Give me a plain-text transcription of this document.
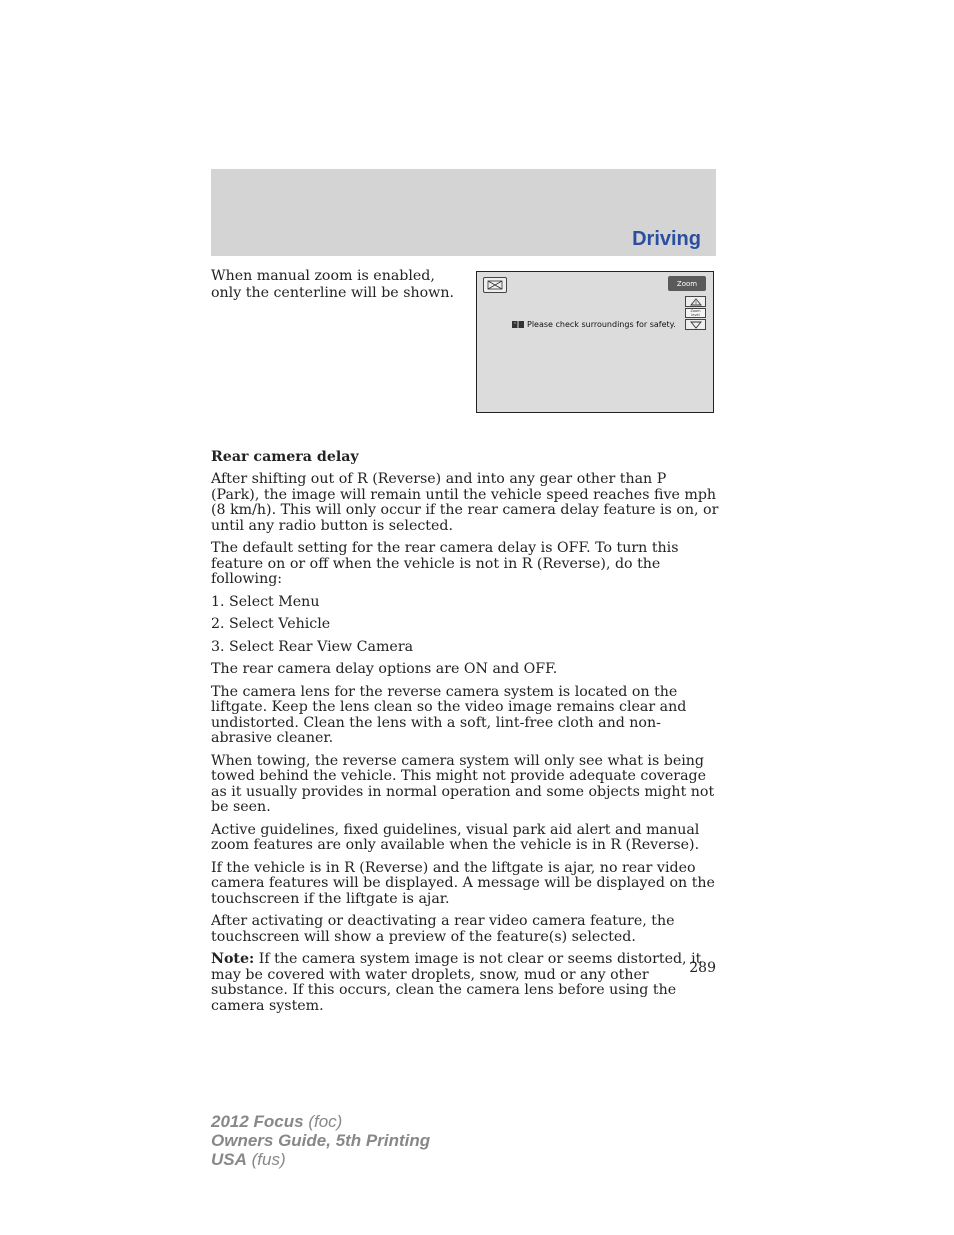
Driving

When manual zoom is enabled, only the centerline will be shown.

Zoom
Zoom level
Please check surroundings for safety.
Rear camera delay

After shifting out of R (Reverse) and into any gear other than P (Park), the image will remain until the vehicle speed reaches five mph (8 km/h). This will only occur if the rear camera delay feature is on, or until any radio button is selected.

The default setting for the rear camera delay is OFF. To turn this feature on or off when the vehicle is not in R (Reverse), do the following:

1. Select Menu

2. Select Vehicle

3. Select Rear View Camera

The rear camera delay options are ON and OFF.

The camera lens for the reverse camera system is located on the liftgate. Keep the lens clean so the video image remains clear and undistorted. Clean the lens with a soft, lint-free cloth and non-abrasive cleaner.

When towing, the reverse camera system will only see what is being towed behind the vehicle. This might not provide adequate coverage as it usually provides in normal operation and some objects might not be seen.

Active guidelines, fixed guidelines, visual park aid alert and manual zoom features are only available when the vehicle is in R (Reverse).

If the vehicle is in R (Reverse) and the liftgate is ajar, no rear video camera features will be displayed. A message will be displayed on the touchscreen if the liftgate is ajar.

After activating or deactivating a rear video camera feature, the touchscreen will show a preview of the feature(s) selected.

Note: If the camera system image is not clear or seems distorted, it may be covered with water droplets, snow, mud or any other substance. If this occurs, clean the camera lens before using the camera system.

289
2012 Focus (foc)
Owners Guide, 5th Printing
USA (fus)
